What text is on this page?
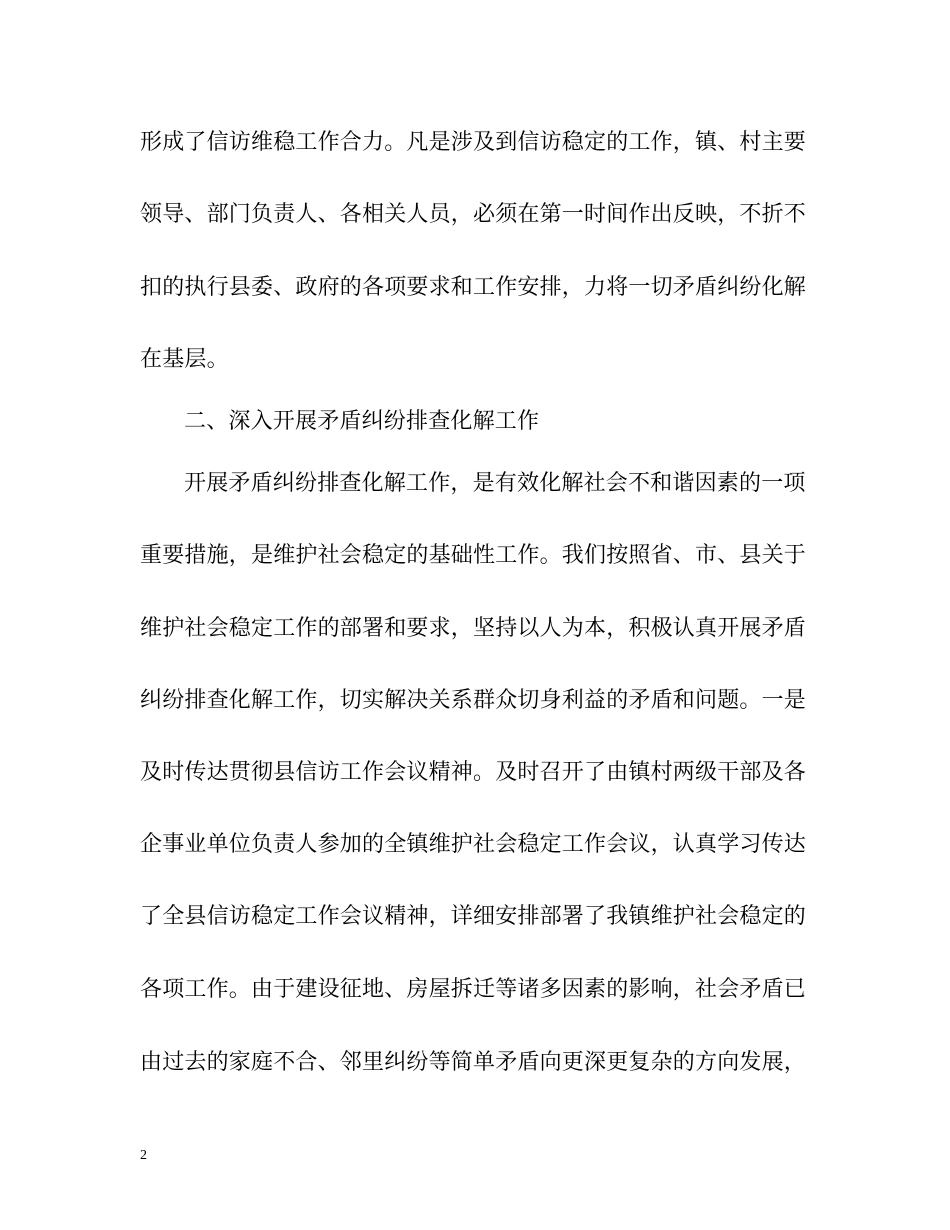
形成了信访维稳工作合力。凡是涉及到信访稳定的工作，镇、村主要
领导、部门负责人、各相关人员，必须在第一时间作出反映，不折不
扣的执行县委、政府的各项要求和工作安排，力将一切矛盾纠纷化解
在基层。
二、深入开展矛盾纠纷排查化解工作
开展矛盾纠纷排查化解工作，是有效化解社会不和谐因素的一项
重要措施，是维护社会稳定的基础性工作。我们按照省、市、县关于
维护社会稳定工作的部署和要求，坚持以人为本，积极认真开展矛盾
纠纷排查化解工作，切实解决关系群众切身利益的矛盾和问题。一是
及时传达贯彻县信访工作会议精神。及时召开了由镇村两级干部及各
企事业单位负责人参加的全镇维护社会稳定工作会议，认真学习传达
了全县信访稳定工作会议精神，详细安排部署了我镇维护社会稳定的
各项工作。由于建设征地、房屋拆迁等诸多因素的影响，社会矛盾已
由过去的家庭不合、邻里纠纷等简单矛盾向更深更复杂的方向发展，
2
